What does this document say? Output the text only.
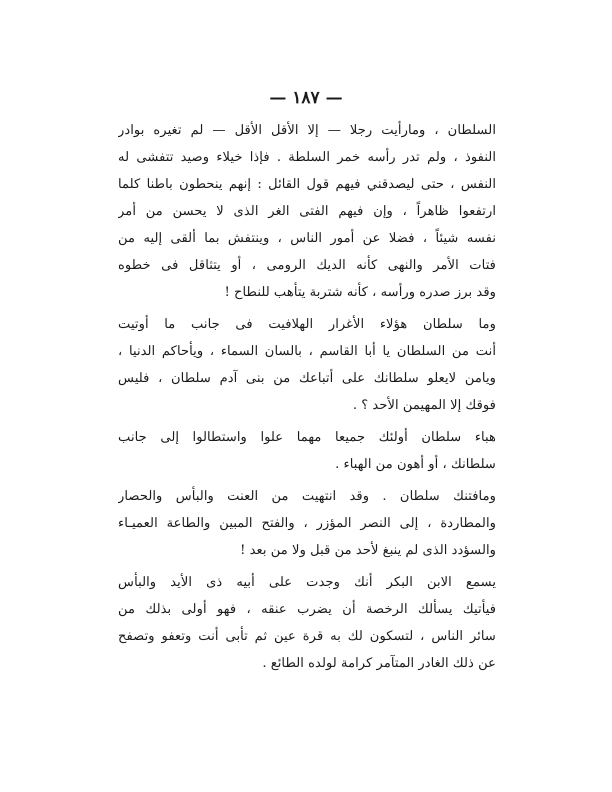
— ١٨٧ —
السلطان ، ومارأيت رجلا — إلا الأقل الأقل — لم تغيره بوادر
النفوذ ، ولم تدر رأسه خمر السلطة . فإذا خيلاء وصيد تتفشى له
النفس ، حتى ليصدقني فيهم قول القائل : إنهم ينحطون باطنا كلما
ارتفعوا ظاهراً ، وإن فيهم الفتى الغر الذى لا يحسن من أمر
نفسه شيئاً ، فضلا عن أمور الناس ، وينتفش بما ألقى إليه من
فتات الأمر والنهى كأنه الديك الرومى ، أو يتثاقل فى خطوه
وقد برز صدره ورأسه ، كأنه شتربة يتأهب للنطاح !
وما سلطان هؤلاء الأغرار الهلافيت فى جانب ما أوتيت
أنت من السلطان يا أبا القاسم ، بالسان السماء ، ويأحاكم الدنيا ،
ويامن لايعلو سلطانك على أتباعك من بنى آدم سلطان ، فليس
فوقك إلا المهيمن الأحد ؟ .
هباء سلطان أولئك جميعا مهما علوا واستطالوا إلى جانب
سلطانك ، أو أهون من الهباء .
ومافتنك سلطان . وقد انتهيت من العنت والبأس والحصار
والمطاردة ، إلى النصر المؤزر ، والفتح المبين والطاعة العميـاء
والسؤدد الذى لم ينبغ لأحد من قبل ولا من بعد !
يسمع الابن البكر أنك وجدت على أبيه ذى الأيد والبأس
فيأتيك يسألك الرخصة أن يضرب عنقه ، فهو أولى بذلك من
سائر الناس ، لتسكون لك به قرة عين ثم تأبى أنت وتعفو وتصفح
عن ذلك الغادر المتآمر كرامة لولده الطائع .
